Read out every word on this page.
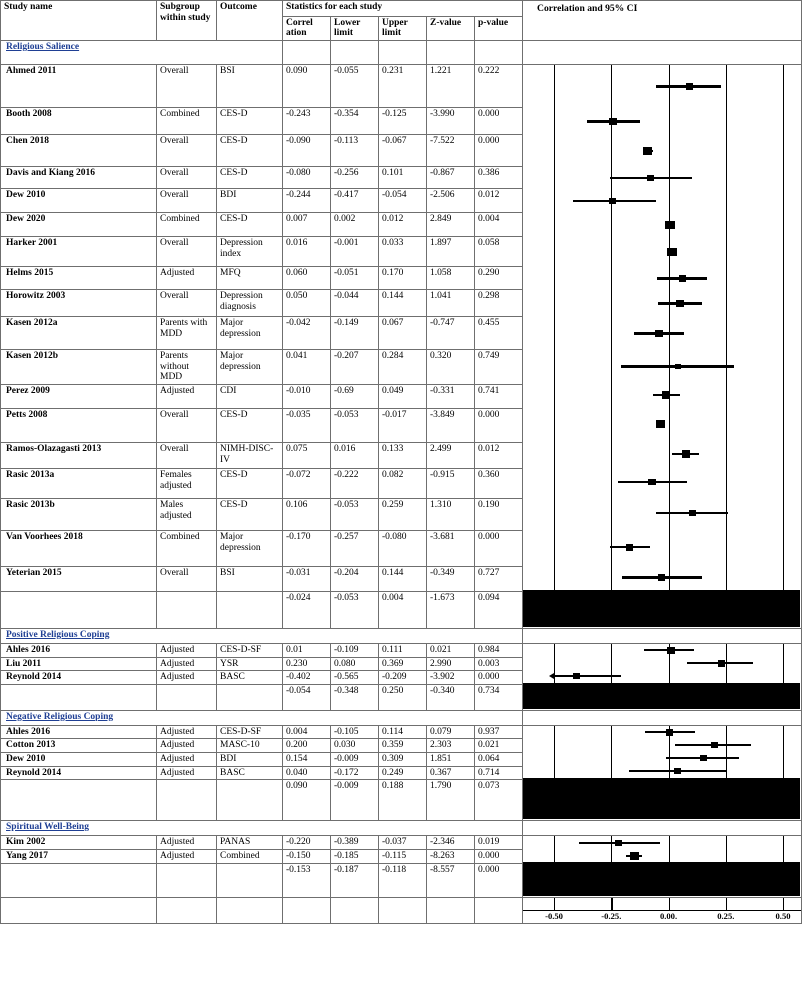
Study name	Subgroup within study	Outcome	Statistics for each study					Correlation and 95% CI

			Correl ation	Lower limit	Upper limit	Z-value	p-value	
Religious Salience								
Ahmed 2011	Overall	BSI	0.090	-0.055	0.231	1.221	0.222	

Booth 2008	Combined	CES-D	-0.243	-0.354	-0.125	-3.990	0.000	
Chen 2018	Overall	CES-D	-0.090	-0.113	-0.067	-7.522	0.000	
Davis and Kiang 2016	Overall	CES-D	-0.080	-0.256	0.101	-0.867	0.386	
Dew 2010	Overall	BDI	-0.244	-0.417	-0.054	-2.506	0.012	
Dew 2020	Combined	CES-D	0.007	0.002	0.012	2.849	0.004	
Harker 2001	Overall	Depression index	0.016	-0.001	0.033	1.897	0.058	
Helms 2015	Adjusted	MFQ	0.060	-0.051	0.170	1.058	0.290	
Horowitz 2003	Overall	Depression diagnosis	0.050	-0.044	0.144	1.041	0.298	
Kasen 2012a	Parents with MDD	Major depression	-0.042	-0.149	0.067	-0.747	0.455	
Kasen 2012b	Parents without MDD	Major depression	0.041	-0.207	0.284	0.320	0.749	
Perez 2009	Adjusted	CDI	-0.010	-0.69	0.049	-0.331	0.741	
Petts 2008	Overall	CES-D	-0.035	-0.053	-0.017	-3.849	0.000	
Ramos-Olazagasti 2013	Overall	NIMH-DISC-IV	0.075	0.016	0.133	2.499	0.012	
Rasic 2013a	Females adjusted	CES-D	-0.072	-0.222	0.082	-0.915	0.360	
Rasic 2013b	Males adjusted	CES-D	0.106	-0.053	0.259	1.310	0.190	
Van Voorhees 2018	Combined	Major depression	-0.170	-0.257	-0.080	-3.681	0.000	
Yeterian 2015	Overall	BSI	-0.031	-0.204	0.144	-0.349	0.727	
			-0.024	-0.053	0.004	-1.673	0.094	
Positive Religious Coping								
Ahles 2016	Adjusted	CES-D-SF	0.01	-0.109	0.111	0.021	0.984	

Liu 2011	Adjusted	YSR	0.230	0.080	0.369	2.990	0.003	
Reynold 2014	Adjusted	BASC	-0.402	-0.565	-0.209	-3.902	0.000	
			-0.054	-0.348	0.250	-0.340	0.734	
Negative Religious Coping								
Ahles 2016	Adjusted	CES-D-SF	0.004	-0.105	0.114	0.079	0.937	

Cotton 2013	Adjusted	MASC-10	0.200	0.030	0.359	2.303	0.021	
Dew 2010	Adjusted	BDI	0.154	-0.009	0.309	1.851	0.064	
Reynold 2014	Adjusted	BASC	0.040	-0.172	0.249	0.367	0.714	
			0.090	-0.009	0.188	1.790	0.073	
Spiritual Well-Being								
Kim 2002	Adjusted	PANAS	-0.220	-0.389	-0.037	-2.346	0.019	

Yang 2017	Adjusted	Combined	-0.150	-0.185	-0.115	-8.263	0.000	
			-0.153	-0.187	-0.118	-8.557	0.000	

								-0.50 -0.25. 0.00. 0.25. 0.50
